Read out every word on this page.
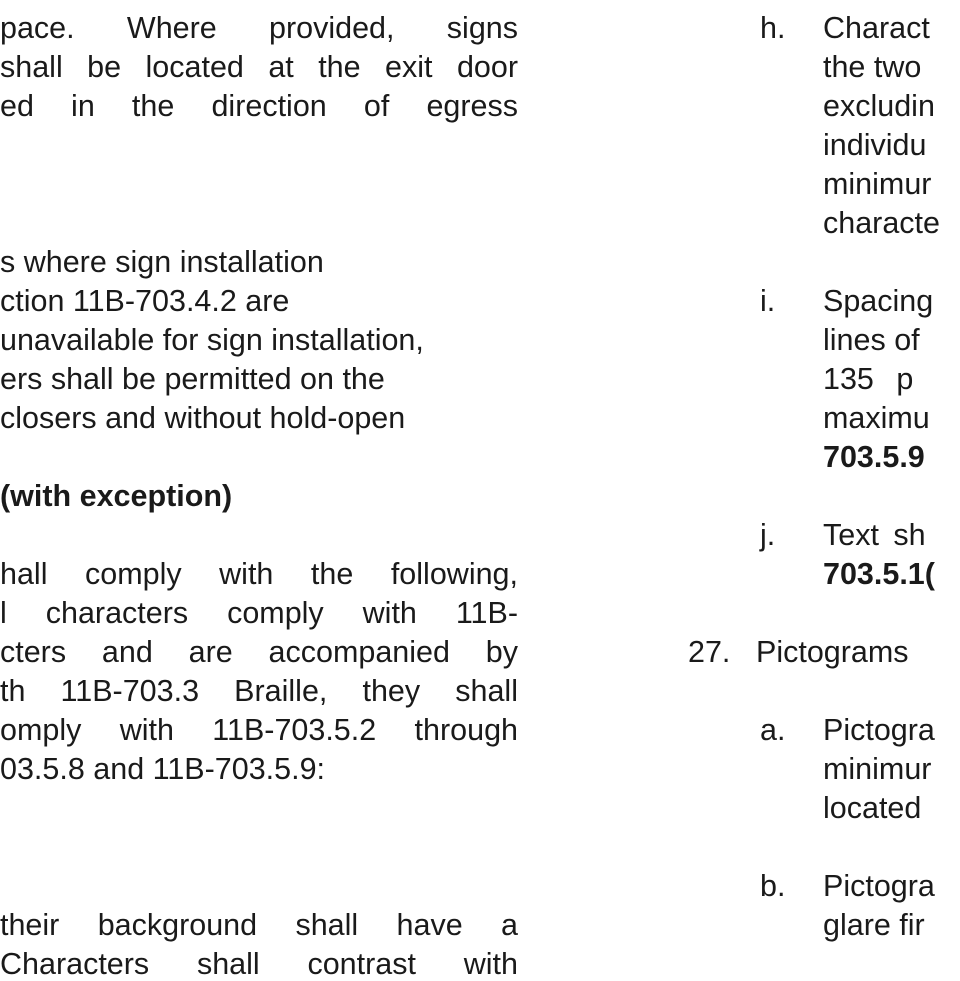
pace. Where provided, signs
shall be located at the exit door
ed in the direction of egress
s where sign installation
ction 11B-703.4.2 are
unavailable for sign installation,
ers shall be permitted on the
closers and without hold-open
(with exception)
hall comply with the following,
l characters comply with 11B-
cters and are accompanied by
th 11B-703.3 Braille, they shall
omply with 11B-703.5.2 through
03.5.8 and 11B-703.5.9:
their background shall have a
Characters shall contrast with
h. Charact
the two
excludin
individu
minimur
characte
i. Spacing
lines of
135 p
maximu
703.5.9
j. Text sh
703.5.1(
27. Pictograms
a. Pictogra
minimur
located
b. Pictogra
glare fir
